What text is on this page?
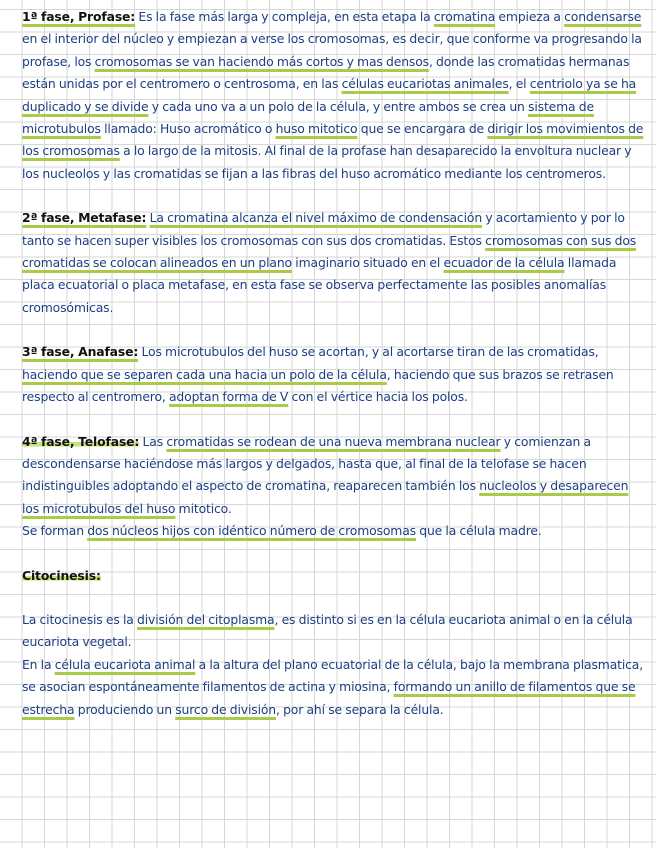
1ª fase, Profase: Es la fase más larga y compleja, en esta etapa la cromatina empieza a condensarse en el interior del núcleo y empiezan a verse los cromosomas, es decir, que conforme va progresando la profase, los cromosomas se van haciendo más cortos y mas densos, donde las cromatidas hermanas están unidas por el centromero o centrosoma, en las células eucariotas animales, el centriolo ya se ha duplicado y se divide y cada uno va a un polo de la célula, y entre ambos se crea un sistema de microtubulos llamado: Huso acromático o huso mitotico que se encargara de dirigir los movimientos de los cromosomas a lo largo de la mitosis. Al final de la profase han desaparecido la envoltura nuclear y los nucleolos y las cromatidas se fijan a las fibras del huso acromático mediante los centromeros.

2ª fase, Metafase: La cromatina alcanza el nivel máximo de condensación y acortamiento y por lo tanto se hacen super visibles los cromosomas con sus dos cromatidas. Estos cromosomas con sus dos cromatidas se colocan alineados en un plano imaginario situado en el ecuador de la célula llamada placa ecuatorial o placa metafase, en esta fase se observa perfectamente las posibles anomalías cromosómicas.

3ª fase, Anafase: Los microtubulos del huso se acortan, y al acortarse tiran de las cromatidas, haciendo que se separen cada una hacia un polo de la célula, haciendo que sus brazos se retrasen respecto al centromero, adoptan forma de V con el vértice hacia los polos.

4ª fase, Telofase: Las cromatidas se rodean de una nueva membrana nuclear y comienzan a descondensarse haciéndose más largos y delgados, hasta que, al final de la telofase se hacen indistinguibles adoptando el aspecto de cromatina, reaparecen también los nucleolos y desaparecen los microtubulos del huso mitotico.
Se forman dos núcleos hijos con idéntico número de cromosomas que la célula madre.

Citocinesis:

La citocinesis es la división del citoplasma, es distinto si es en la célula eucariota animal o en la célula eucariota vegetal.
En la célula eucariota animal a la altura del plano ecuatorial de la célula, bajo la membrana plasmatica, se asocian espontáneamente filamentos de actina y miosina, formando un anillo de filamentos que se estrecha produciendo un surco de división, por ahí se separa la célula.
